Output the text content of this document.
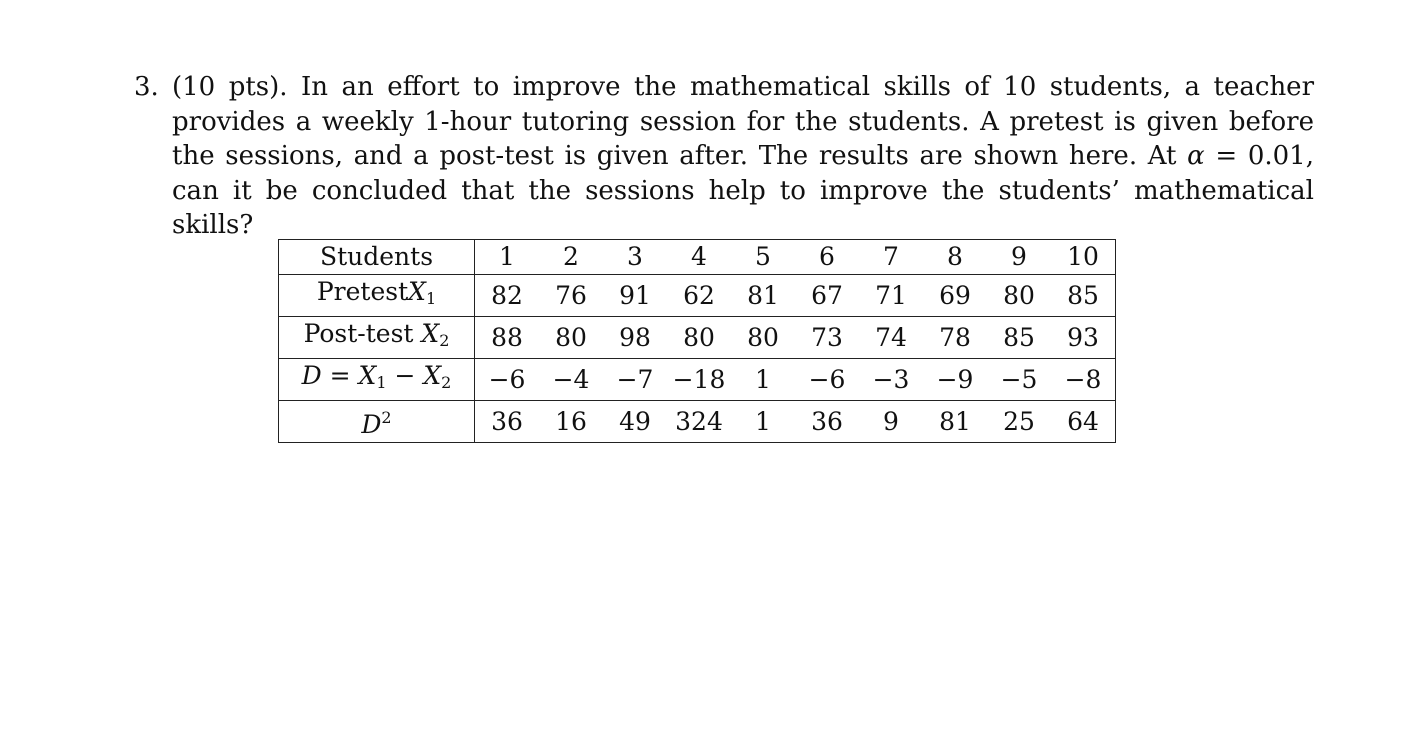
3. (10 pts). In an effort to improve the mathematical skills of 10 students, a teacher provides a weekly 1-hour tutoring session for the students. A pretest is given before the sessions, and a post-test is given after. The results are shown here. At α = 0.01, can it be concluded that the sessions help to improve the students’ mathematical skills?
Students	1	2	3	4	5	6	7	8	9	10
PretestX$_1$	82	76	91	62	81	67	71	69	80	85
Post-test $X_2$	88	80	98	80	80	73	74	78	85	93
$D = X_1 - X_2$	−6	−4	−7	−18	1	−6	−3	−9	−5	−8
$D^2$	36	16	49	324	1	36	9	81	25	64
